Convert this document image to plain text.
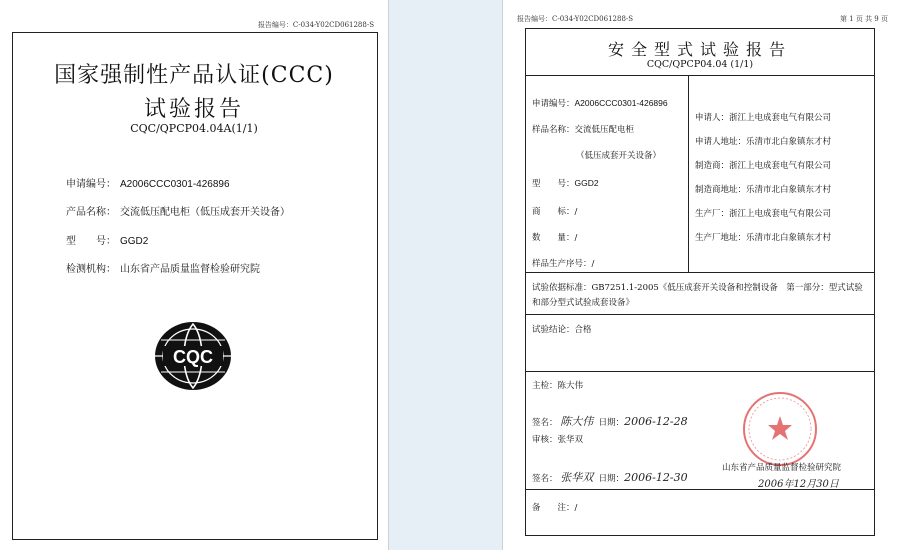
报告编号：C-034-Y02CD061288-S
国家强制性产品认证(CCC)
试验报告
CQC/QPCP04.04A(1/1)
申请编号： A2006CCC0301-426896
产品名称： 交流低压配电柜（低压成套开关设备）
型　　号： GGD2
检测机构： 山东省产品质量监督检验研究院
CQC
报告编号：C-034-Y02CD061288-S	第 1 页 共 9 页
安全型式试验报告
CQC/QPCP04.04 (1/1)
申请编号：A2006CCC0301-426896
样品名称：交流低压配电柜
（低压成套开关设备）
型　　号：GGD2
商　　标：/
数　　量：/
样品生产序号：/
申请人：浙江上电成套电气有限公司
申请人地址：乐清市北白象镇东才村
制造商：浙江上电成套电气有限公司
制造商地址：乐清市北白象镇东才村
生产厂：浙江上电成套电气有限公司
生产厂地址：乐清市北白象镇东才村
试验依据标准：GB7251.1-2005《低压成套开关设备和控制设备　第一部分：型式试验和部分型式试验成套设备》
试验结论：合格
主检：陈大伟
签名： 陈大伟 日期：2006-12-28
审核：张华双
签名： 张华双 日期：2006-12-30
山东省产品质量监督检验研究院
2006年12月30日
备　　注：/
